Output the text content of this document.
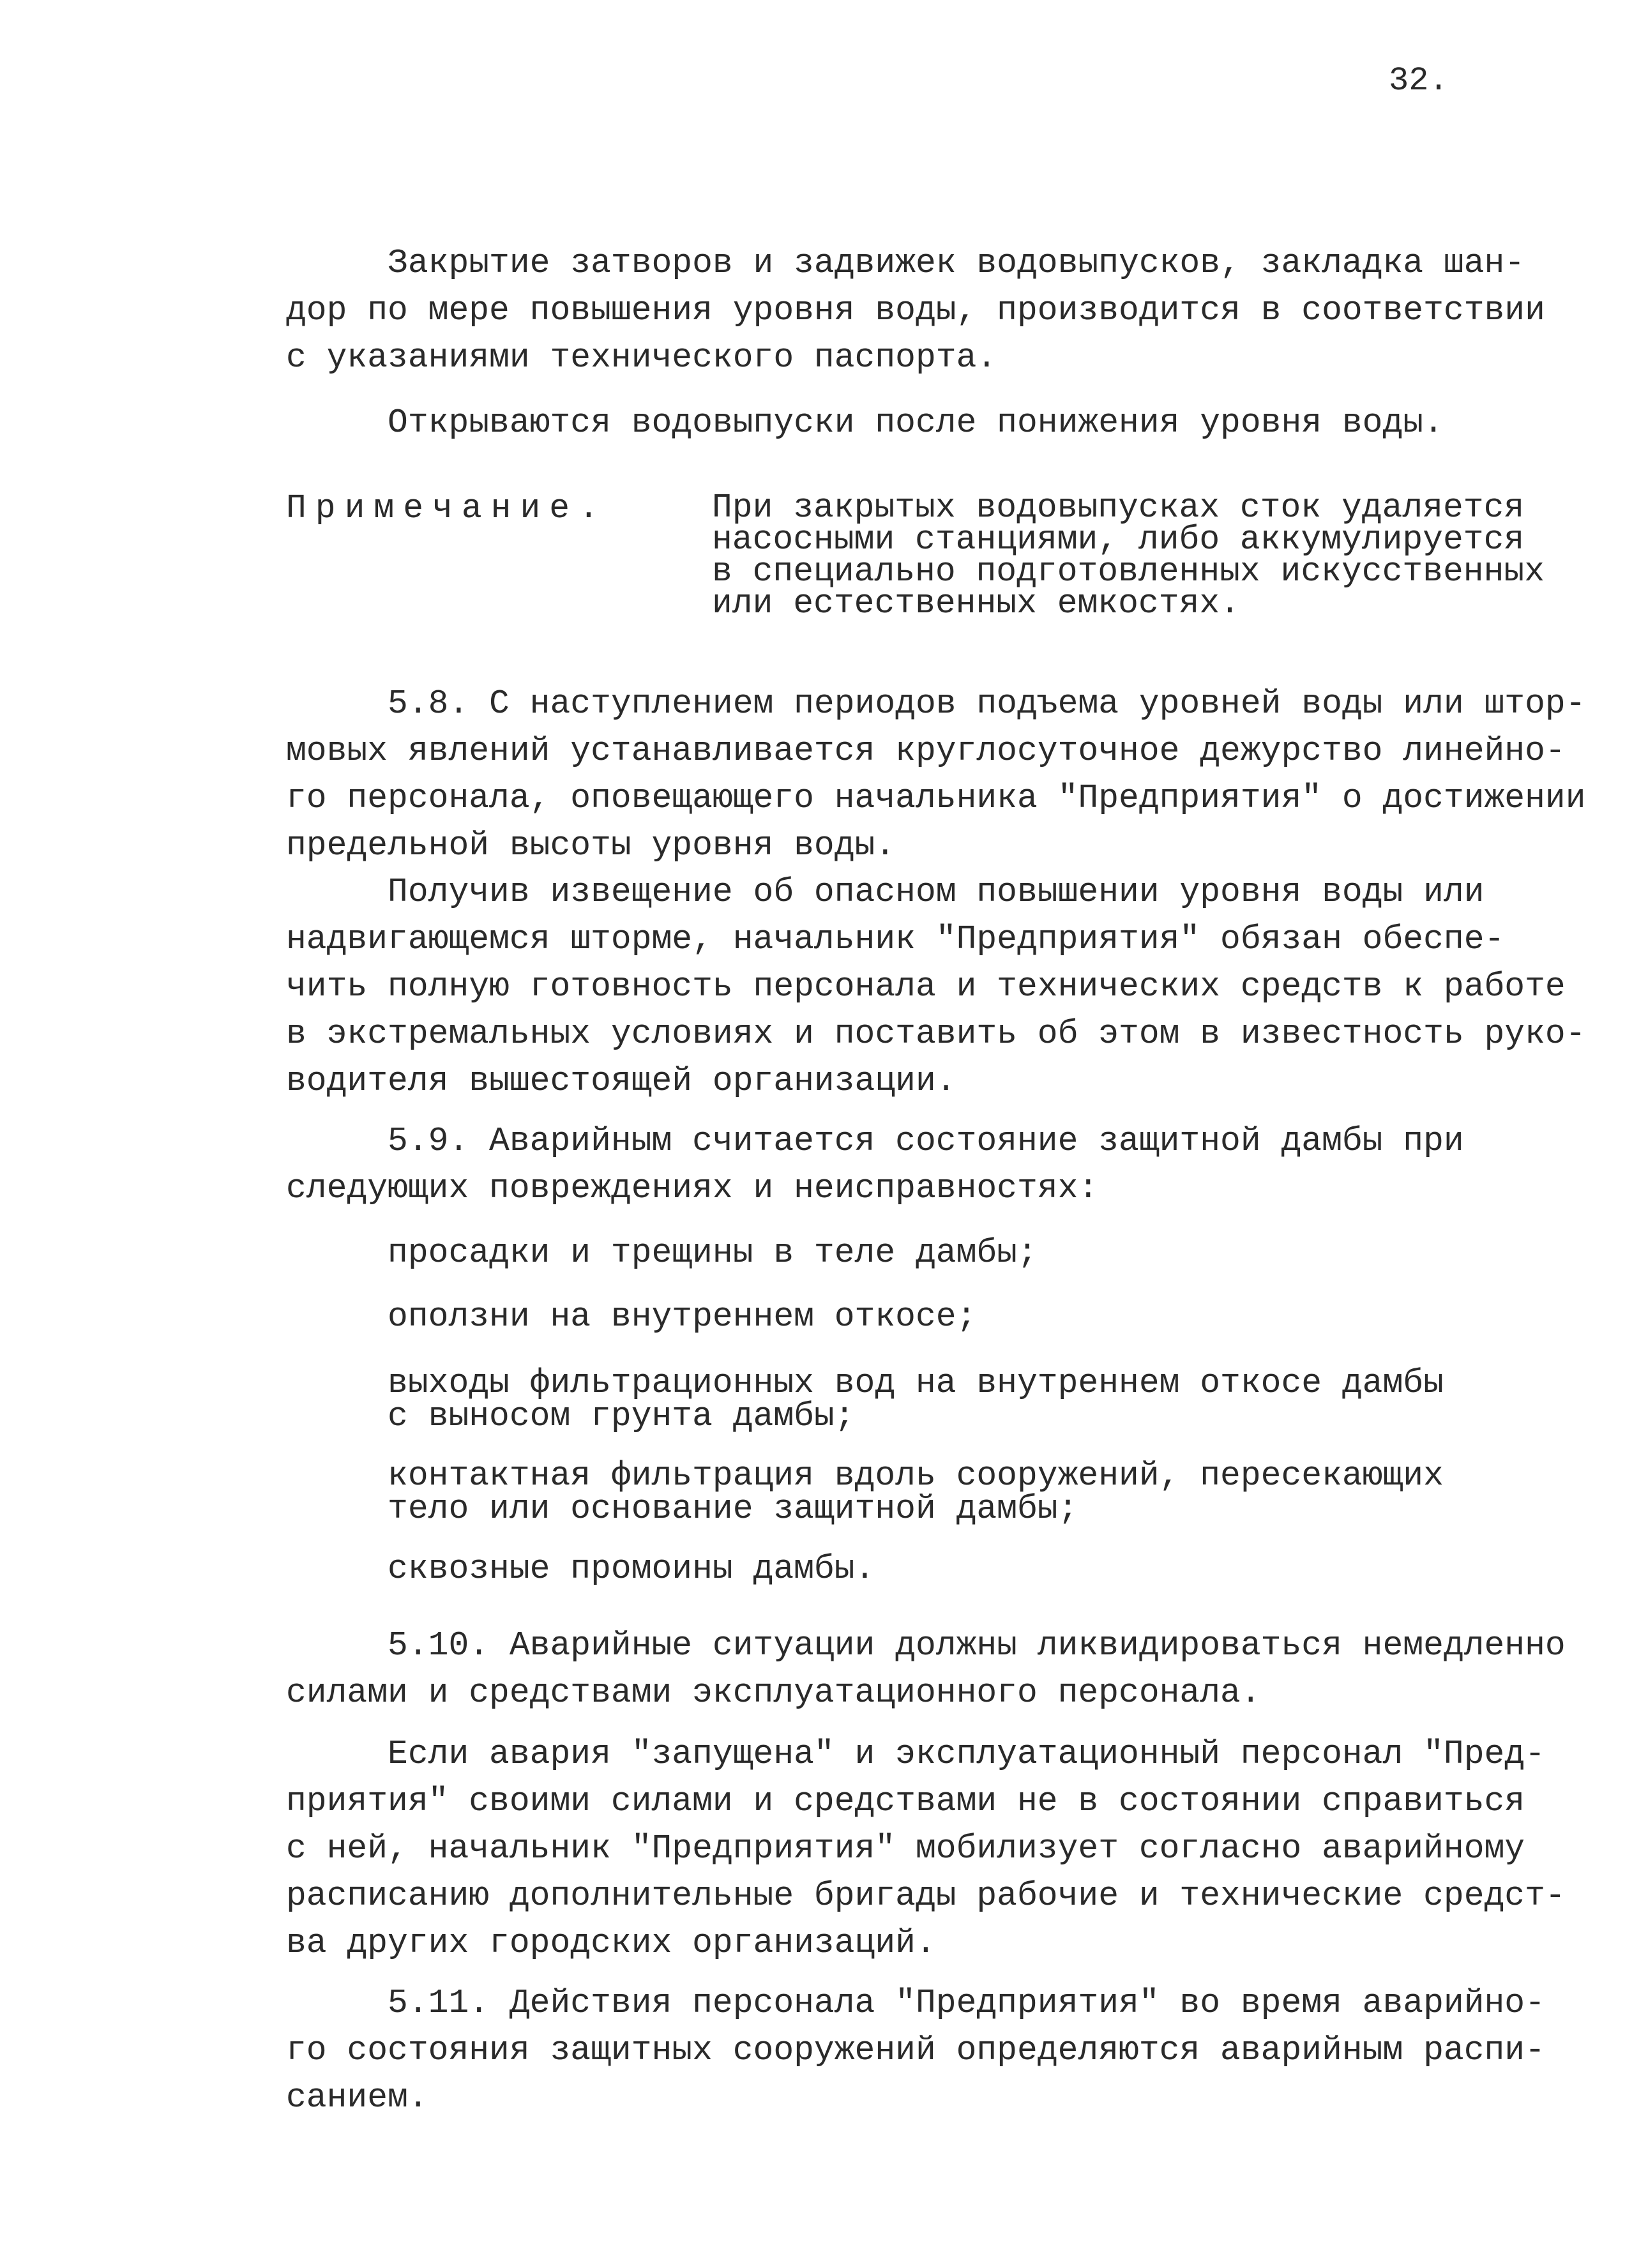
32.
Закрытие затворов и задвижек водовыпусков, закладка шан-
дор по мере повышения уровня воды, производится в соответствии
с указаниями технического паспорта.
Открываются водовыпуски после понижения уровня воды.
Примечание.	При закрытых водовыпусках сток удаляется
насосными станциями, либо аккумулируется
в специально подготовленных искусственных
или естественных емкостях.
5.8. С наступлением периодов подъема уровней воды или штор-
мовых явлений устанавливается круглосуточное дежурство линейно-
го персонала, оповещающего начальника "Предприятия" о достижении
предельной высоты уровня воды.
Получив извещение об опасном повышении уровня воды или
надвигающемся шторме, начальник "Предприятия" обязан обеспе-
чить полную готовность персонала и технических средств к работе
в экстремальных условиях и поставить об этом в известность руко-
водителя вышестоящей организации.
5.9. Аварийным считается состояние защитной дамбы при
следующих повреждениях и неисправностях:
просадки и трещины в теле дамбы;
оползни на внутреннем откосе;
выходы фильтрационных вод на внутреннем откосе дамбы
с выносом грунта дамбы;
контактная фильтрация вдоль сооружений, пересекающих
тело или основание защитной дамбы;
сквозные промоины дамбы.
5.10. Аварийные ситуации должны ликвидироваться немедленно
силами и средствами эксплуатационного персонала.
Если авария "запущена" и эксплуатационный персонал "Пред-
приятия" своими силами и средствами не в состоянии справиться
с ней, начальник "Предприятия" мобилизует согласно аварийному
расписанию дополнительные бригады рабочие и технические средст-
ва других городских организаций.
5.11. Действия персонала "Предприятия" во время аварийно-
го состояния защитных сооружений определяются аварийным распи-
санием.
